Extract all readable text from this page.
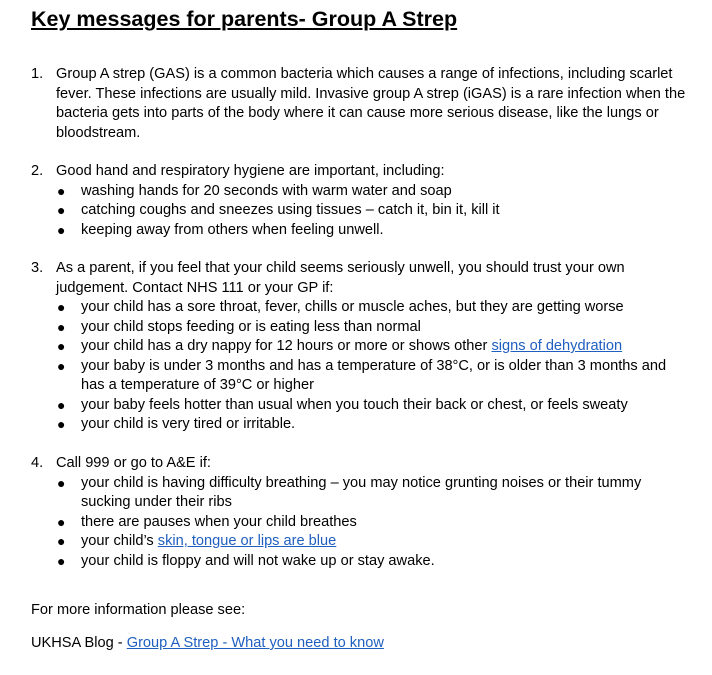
Key messages for parents- Group A Strep
1. Group A strep (GAS) is a common bacteria which causes a range of infections, including scarlet fever. These infections are usually mild. Invasive group A strep (iGAS) is a rare infection when the bacteria gets into parts of the body where it can cause more serious disease, like the lungs or bloodstream.
2. Good hand and respiratory hygiene are important, including:
● washing hands for 20 seconds with warm water and soap
● catching coughs and sneezes using tissues – catch it, bin it, kill it
● keeping away from others when feeling unwell.
3. As a parent, if you feel that your child seems seriously unwell, you should trust your own judgement. Contact NHS 111 or your GP if:
● your child has a sore throat, fever, chills or muscle aches, but they are getting worse
● your child stops feeding or is eating less than normal
● your child has a dry nappy for 12 hours or more or shows other signs of dehydration
● your baby is under 3 months and has a temperature of 38°C, or is older than 3 months and has a temperature of 39°C or higher
● your baby feels hotter than usual when you touch their back or chest, or feels sweaty
● your child is very tired or irritable.
4. Call 999 or go to A&E if:
● your child is having difficulty breathing – you may notice grunting noises or their tummy sucking under their ribs
● there are pauses when your child breathes
● your child’s skin, tongue or lips are blue
● your child is floppy and will not wake up or stay awake.
For more information please see:
UKHSA Blog - Group A Strep - What you need to know
